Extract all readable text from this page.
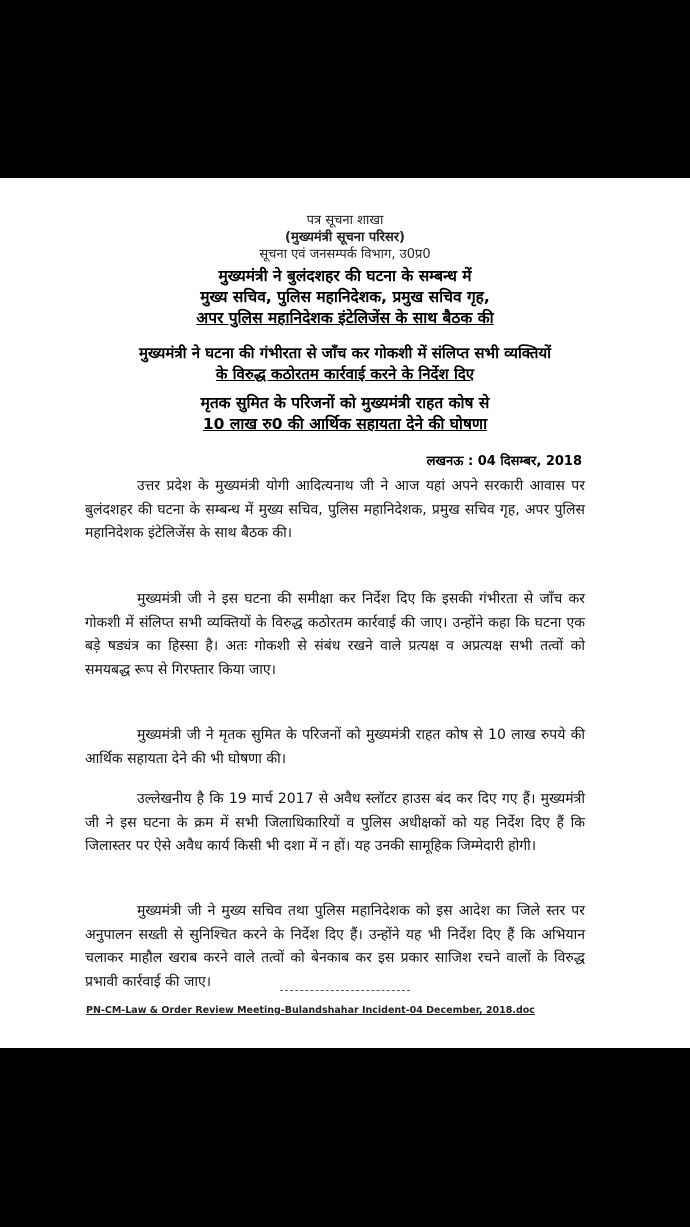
पत्र सूचना शाखा
(मुख्यमंत्री सूचना परिसर)
सूचना एवं जनसम्पर्क विभाग, उ0प्र0
मुख्यमंत्री ने बुलंदशहर की घटना के सम्बन्ध में
मुख्य सचिव, पुलिस महानिदेशक, प्रमुख सचिव गृह,
अपर पुलिस महानिदेशक इंटेलिजेंस के साथ बैठक की
मुख्यमंत्री ने घटना की गंभीरता से जाँच कर गोकशी में संलिप्त सभी व्यक्तियों
के विरुद्ध कठोरतम कार्रवाई करने के निर्देश दिए
मृतक सुमित के परिजनों को मुख्यमंत्री राहत कोष से
10 लाख रु0 की आर्थिक सहायता देने की घोषणा
लखनऊ : 04 दिसम्बर, 2018

उत्तर प्रदेश के मुख्यमंत्री योगी आदित्यनाथ जी ने आज यहां अपने सरकारी आवास पर बुलंदशहर की घटना के सम्बन्ध में मुख्य सचिव, पुलिस महानिदेशक, प्रमुख सचिव गृह, अपर पुलिस महानिदेशक इंटेलिजेंस के साथ बैठक की।

मुख्यमंत्री जी ने इस घटना की समीक्षा कर निर्देश दिए कि इसकी गंभीरता से जाँच कर गोकशी में संलिप्त सभी व्यक्तियों के विरुद्ध कठोरतम कार्रवाई की जाए। उन्होंने कहा कि घटना एक बड़े षड्यंत्र का हिस्सा है। अतः गोकशी से संबंध रखने वाले प्रत्यक्ष व अप्रत्यक्ष सभी तत्वों को समयबद्ध रूप से गिरफ्तार किया जाए।

मुख्यमंत्री जी ने मृतक सुमित के परिजनों को मुख्यमंत्री राहत कोष से 10 लाख रुपये की आर्थिक सहायता देने की भी घोषणा की।

उल्लेखनीय है कि 19 मार्च 2017 से अवैध स्लॉटर हाउस बंद कर दिए गए हैं। मुख्यमंत्री जी ने इस घटना के क्रम में सभी जिलाधिकारियों व पुलिस अधीक्षकों को यह निर्देश दिए हैं कि जिलास्तर पर ऐसे अवैध कार्य किसी भी दशा में न हों। यह उनकी सामूहिक जिम्मेदारी होगी।

मुख्यमंत्री जी ने मुख्य सचिव तथा पुलिस महानिदेशक को इस आदेश का जिले स्तर पर अनुपालन सख्ती से सुनिश्चित करने के निर्देश दिए हैं। उन्होंने यह भी निर्देश दिए हैं कि अभियान चलाकर माहौल खराब करने वाले तत्वों को बेनकाब कर इस प्रकार साजिश रचने वालों के विरुद्ध प्रभावी कार्रवाई की जाए।

PN-CM-Law & Order Review Meeting-Bulandshahar Incident-04 December, 2018.doc
